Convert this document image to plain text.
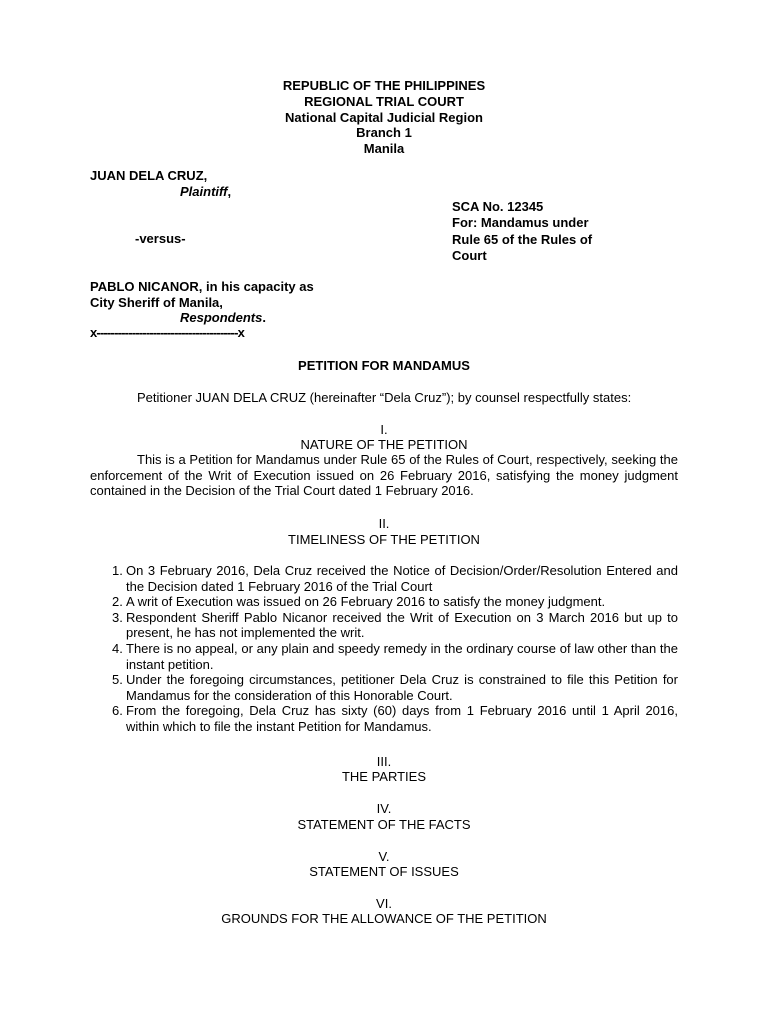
REPUBLIC OF THE PHILIPPINES
REGIONAL TRIAL COURT
National Capital Judicial Region
Branch 1
Manila
JUAN DELA CRUZ,
Plaintiff,
-versus-
PABLO NICANOR, in his capacity as
City Sheriff of Manila,
Respondents.
x----------------------------------------x
SCA No. 12345
For: Mandamus under
Rule 65 of the Rules of
Court
PETITION FOR MANDAMUS
Petitioner JUAN DELA CRUZ (hereinafter “Dela Cruz”); by counsel respectfully states:
I.
NATURE OF THE PETITION
This is a Petition for Mandamus under Rule 65 of the Rules of Court, respectively, seeking the enforcement of the Writ of Execution issued on 26 February 2016, satisfying the money judgment contained in the Decision of the Trial Court dated 1 February 2016.
II.
TIMELINESS OF THE PETITION
1. On 3 February 2016, Dela Cruz received the Notice of Decision/Order/Resolution Entered and the Decision dated 1 February 2016 of the Trial Court
2. A writ of Execution was issued on 26 February 2016 to satisfy the money judgment.
3. Respondent Sheriff Pablo Nicanor received the Writ of Execution on 3 March 2016 but up to present, he has not implemented the writ.
4. There is no appeal, or any plain and speedy remedy in the ordinary course of law other than the instant petition.
5. Under the foregoing circumstances, petitioner Dela Cruz is constrained to file this Petition for Mandamus for the consideration of this Honorable Court.
6. From the foregoing, Dela Cruz has sixty (60) days from 1 February 2016 until 1 April 2016, within which to file the instant Petition for Mandamus.
III.
THE PARTIES
IV.
STATEMENT OF THE FACTS
V.
STATEMENT OF ISSUES
VI.
GROUNDS FOR THE ALLOWANCE OF THE PETITION
